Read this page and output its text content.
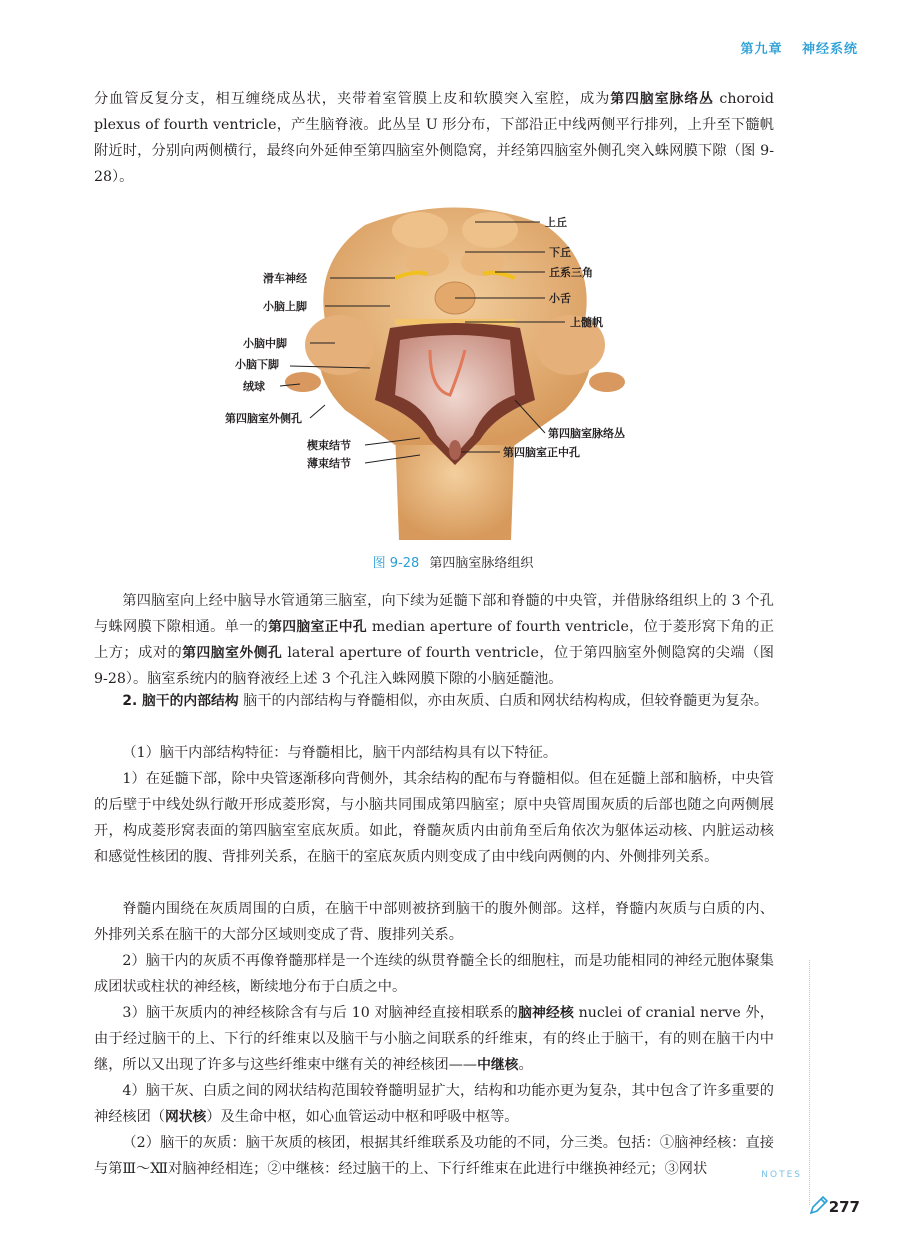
第九章 神经系统

分血管反复分支，相互缠绕成丛状，夹带着室管膜上皮和软膜突入室腔，成为第四脑室脉络丛 choroid plexus of fourth ventricle，产生脑脊液。此丛呈 U 形分布，下部沿正中线两侧平行排列，上升至下髓帆附近时，分别向两侧横行，最终向外延伸至第四脑室外侧隐窝，并经第四脑室外侧孔突入蛛网膜下隙（图 9-28）。

上丘
下丘
丘系三角
滑车神经
小舌
小脑上脚
上髓帆
小脑中脚
小脑下脚
绒球
第四脑室外侧孔
第四脑室脉络丛
楔束结节
第四脑室正中孔
薄束结节
图 9-28 第四脑室脉络组织

第四脑室向上经中脑导水管通第三脑室，向下续为延髓下部和脊髓的中央管，并借脉络组织上的 3 个孔与蛛网膜下隙相通。单一的第四脑室正中孔 median aperture of fourth ventricle，位于菱形窝下角的正上方；成对的第四脑室外侧孔 lateral aperture of fourth ventricle，位于第四脑室外侧隐窝的尖端（图 9-28）。脑室系统内的脑脊液经上述 3 个孔注入蛛网膜下隙的小脑延髓池。

2. 脑干的内部结构 脑干的内部结构与脊髓相似，亦由灰质、白质和网状结构构成，但较脊髓更为复杂。

（1）脑干内部结构特征：与脊髓相比，脑干内部结构具有以下特征。

1）在延髓下部，除中央管逐渐移向背侧外，其余结构的配布与脊髓相似。但在延髓上部和脑桥，中央管的后壁于中线处纵行敞开形成菱形窝，与小脑共同围成第四脑室；原中央管周围灰质的后部也随之向两侧展开，构成菱形窝表面的第四脑室室底灰质。如此，脊髓灰质内由前角至后角依次为躯体运动核、内脏运动核和感觉性核团的腹、背排列关系，在脑干的室底灰质内则变成了由中线向两侧的内、外侧排列关系。

脊髓内围绕在灰质周围的白质，在脑干中部则被挤到脑干的腹外侧部。这样，脊髓内灰质与白质的内、外排列关系在脑干的大部分区域则变成了背、腹排列关系。

2）脑干内的灰质不再像脊髓那样是一个连续的纵贯脊髓全长的细胞柱，而是功能相同的神经元胞体聚集成团状或柱状的神经核，断续地分布于白质之中。

3）脑干灰质内的神经核除含有与后 10 对脑神经直接相联系的脑神经核 nuclei of cranial nerve 外，由于经过脑干的上、下行的纤维束以及脑干与小脑之间联系的纤维束，有的终止于脑干，有的则在脑干内中继，所以又出现了许多与这些纤维束中继有关的神经核团——中继核。

4）脑干灰、白质之间的网状结构范围较脊髓明显扩大，结构和功能亦更为复杂，其中包含了许多重要的神经核团（网状核）及生命中枢，如心血管运动中枢和呼吸中枢等。

（2）脑干的灰质：脑干灰质的核团，根据其纤维联系及功能的不同，分三类。包括：①脑神经核：直接与第Ⅲ～Ⅻ对脑神经相连；②中继核：经过脑干的上、下行纤维束在此进行中继换神经元；③网状	NOTES
277
